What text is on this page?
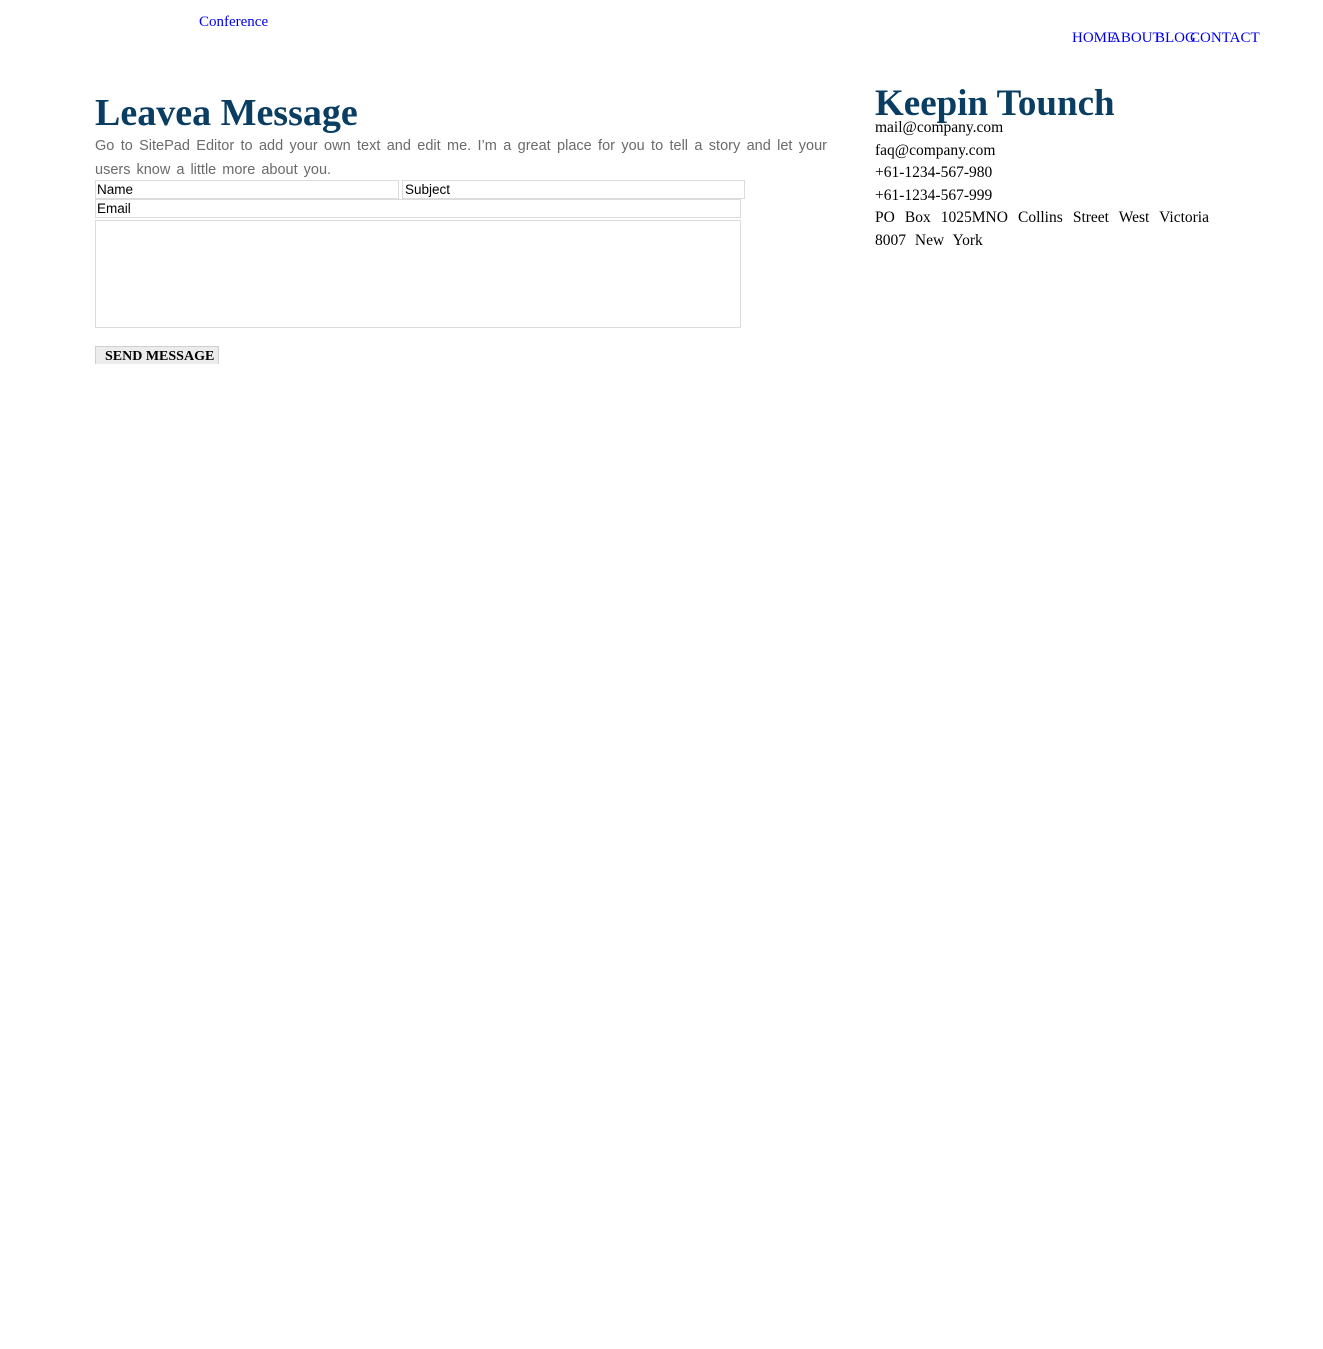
Conference
HOME
ABOUT
BLOG
CONTACT
Leavea Message

Go to SitePad Editor to add your own text and edit me. I’m a great place for you to tell a story and let your users know a little more about you.

Name
Subject
Email
SEND MESSAGE
Keepin Tounch
mail@company.com
faq@company.com
+61-1234-567-980
+61-1234-567-999
PO Box 1025MNO Collins Street West Victoria 8007 New York
